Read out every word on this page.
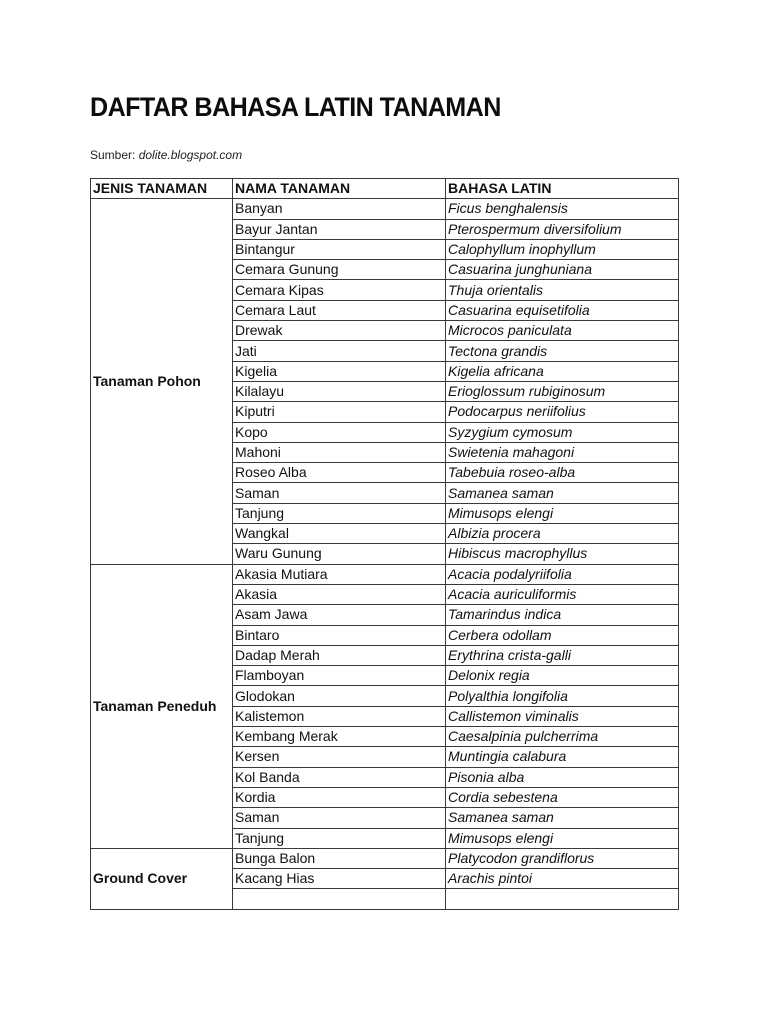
DAFTAR BAHASA LATIN TANAMAN
Sumber: dolite.blogspot.com
JENIS TANAMAN	NAMA TANAMAN	BAHASA LATIN
Tanaman Pohon	Banyan	Ficus benghalensis
	Bayur Jantan	Pterospermum diversifolium
	Bintangur	Calophyllum inophyllum
	Cemara Gunung	Casuarina junghuniana
	Cemara Kipas	Thuja orientalis
	Cemara Laut	Casuarina equisetifolia
	Drewak	Microcos paniculata
	Jati	Tectona grandis
	Kigelia	Kigelia africana
	Kilalayu	Erioglossum rubiginosum
	Kiputri	Podocarpus neriifolius
	Kopo	Syzygium cymosum
	Mahoni	Swietenia mahagoni
	Roseo Alba	Tabebuia roseo-alba
	Saman	Samanea saman
	Tanjung	Mimusops elengi
	Wangkal	Albizia procera
	Waru Gunung	Hibiscus macrophyllus
Tanaman Peneduh	Akasia Mutiara	Acacia podalyriifolia
	Akasia	Acacia auriculiformis
	Asam Jawa	Tamarindus indica
	Bintaro	Cerbera odollam
	Dadap Merah	Erythrina crista-galli
	Flamboyan	Delonix regia
	Glodokan	Polyalthia longifolia
	Kalistemon	Callistemon viminalis
	Kembang Merak	Caesalpinia pulcherrima
	Kersen	Muntingia calabura
	Kol Banda	Pisonia alba
	Kordia	Cordia sebestena
	Saman	Samanea saman
	Tanjung	Mimusops elengi
Ground Cover	Bunga Balon	Platycodon grandiflorus
	Kacang Hias	Arachis pintoi
